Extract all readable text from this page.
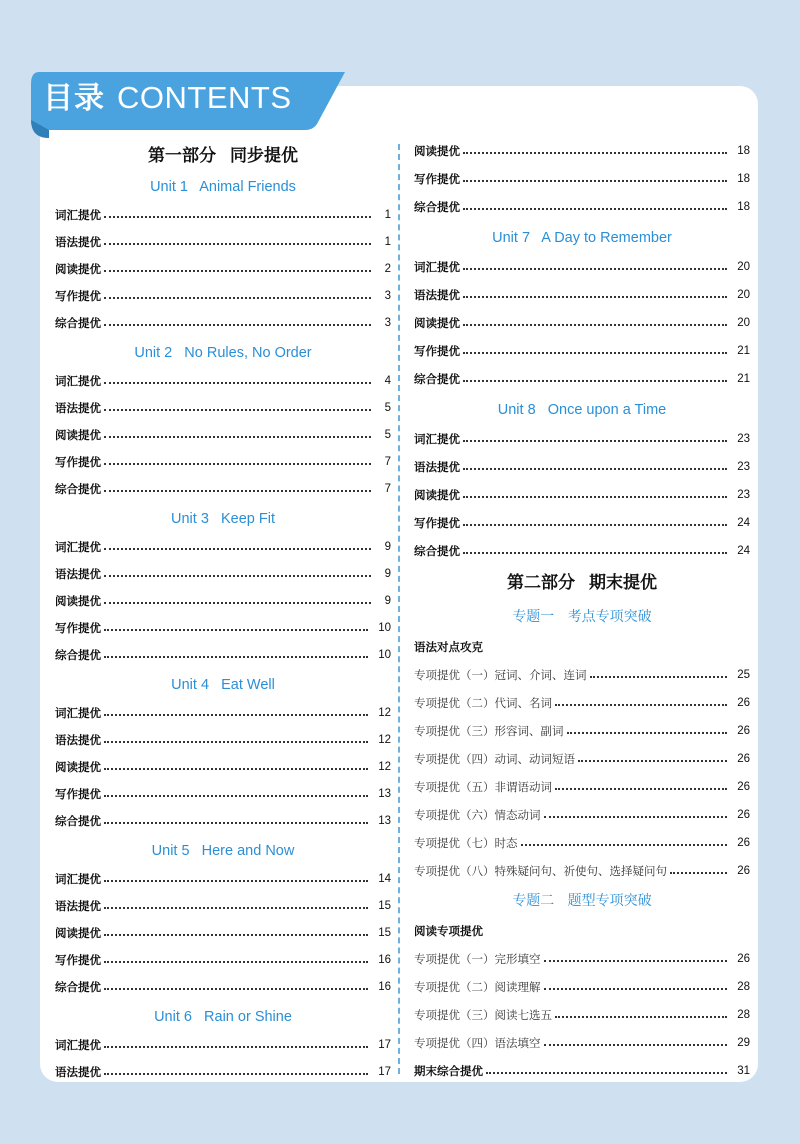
目录 CONTENTS
第一部分 同步提优
Unit 1   Animal Friends
词汇提优	1
语法提优	1
阅读提优	2
写作提优	3
综合提优	3
Unit 2   No Rules, No Order
词汇提优	4
语法提优	5
阅读提优	5
写作提优	7
综合提优	7
Unit 3   Keep Fit
词汇提优	9
语法提优	9
阅读提优	9
写作提优	10
综合提优	10
Unit 4   Eat Well
词汇提优	12
语法提优	12
阅读提优	12
写作提优	13
综合提优	13
Unit 5   Here and Now
词汇提优	14
语法提优	15
阅读提优	15
写作提优	16
综合提优	16
Unit 6   Rain or Shine
词汇提优	17
语法提优	17
阅读提优	18
写作提优	18
综合提优	18
Unit 7   A Day to Remember
词汇提优	20
语法提优	20
阅读提优	20
写作提优	21
综合提优	21
Unit 8   Once upon a Time
词汇提优	23
语法提优	23
阅读提优	23
写作提优	24
综合提优	24
第二部分 期末提优
专题一   考点专项突破
语法对点攻克
专项提优（一）冠词、介词、连词	25
专项提优（二）代词、名词	26
专项提优（三）形容词、副词	26
专项提优（四）动词、动词短语	26
专项提优（五）非谓语动词	26
专项提优（六）情态动词	26
专项提优（七）时态	26
专项提优（八）特殊疑问句、祈使句、选择疑问句	26
专题二   题型专项突破
阅读专项提优
专项提优（一）完形填空	26
专项提优（二）阅读理解	28
专项提优（三）阅读七选五	28
专项提优（四）语法填空	29
期末综合提优	31
